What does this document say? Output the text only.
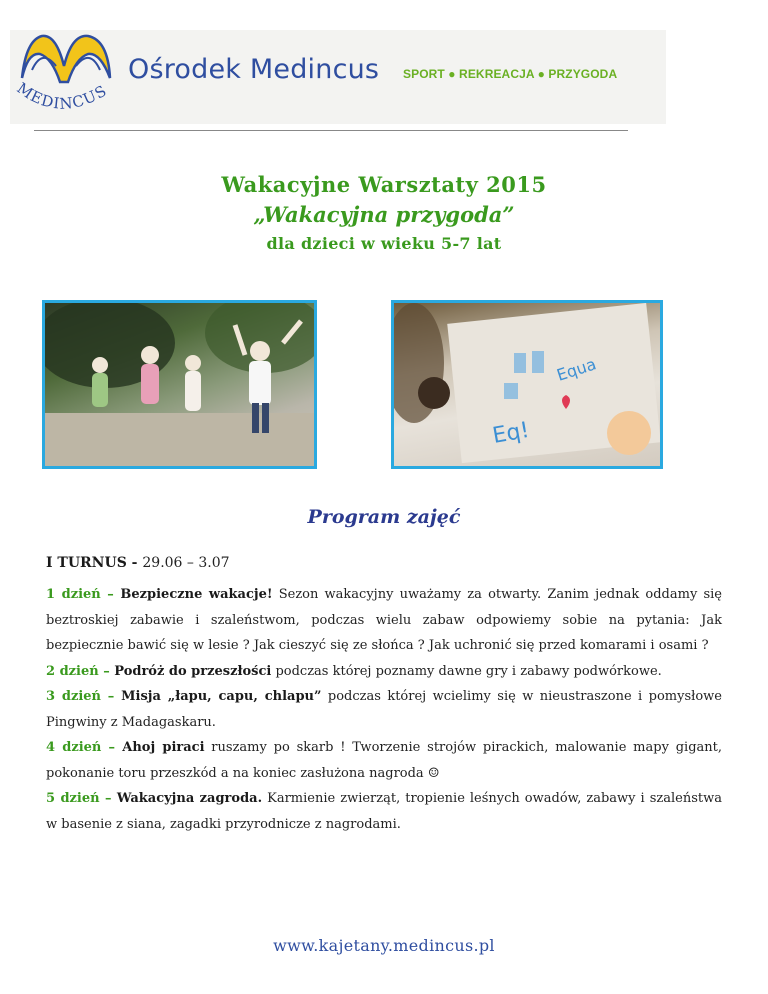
MEDINCUS
Ośrodek Medincus SPORT ● REKREACJA ● PRZYGODA
Wakacyjne Warsztaty 2015
„Wakacyjna przygoda”
dla dzieci w wieku 5-7 lat
Eq!
Equa
Program zajęć
I TURNUS - 29.06 – 3.07

1 dzień – Bezpieczne wakacje! Sezon wakacyjny uważamy za otwarty. Zanim jednak oddamy się beztroskiej zabawie i szaleństwom, podczas wielu zabaw odpowiemy sobie na pytania: Jak bezpiecznie bawić się w lesie ? Jak cieszyć się ze słońca ? Jak uchronić się przed komarami i osami ?

2 dzień – Podróż do przeszłości podczas której poznamy dawne gry i zabawy podwórkowe.

3 dzień – Misja „łapu, capu, chlapu” podczas której wcielimy się w nieustraszone i pomysłowe Pingwiny z Madagaskaru.

4 dzień – Ahoj piraci ruszamy po skarb ! Tworzenie strojów pirackich, malowanie mapy gigant, pokonanie toru przeszkód a na koniec zasłużona nagroda ☺

5 dzień – Wakacyjna zagroda. Karmienie zwierząt, tropienie leśnych owadów, zabawy i szaleństwa w basenie z siana, zagadki przyrodnicze z nagrodami.

www.kajetany.medincus.pl
